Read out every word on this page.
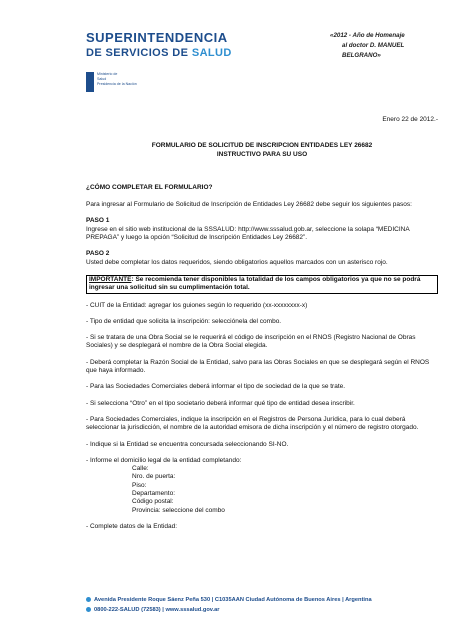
SUPERINTENDENCIA
DE SERVICIOS DE SALUD
Ministerio de
Salud
Presidencia de la Nación
«2012 - Año de Homenaje
al doctor D. MANUEL BELGRANO»
Enero 22 de 2012.-
FORMULARIO DE SOLICITUD DE INSCRIPCION ENTIDADES LEY 26682
INSTRUCTIVO PARA SU USO
¿CÓMO COMPLETAR EL FORMULARIO?

Para ingresar al Formulario de Solicitud de Inscripción de Entidades Ley 26682 debe seguir los siguientes pasos:

PASO 1

Ingrese en el sitio web institucional de la SSSALUD: http://www.sssalud.gob.ar, seleccione la solapa “MEDICINA PREPAGA” y luego la opción “Solicitud de Inscripción Entidades Ley 26682”.

PASO 2

Usted debe completar los datos requeridos, siendo obligatorios aquellos marcados con un asterisco rojo.

IMPORTANTE: Se recomienda tener disponibles la totalidad de los campos obligatorios ya que no se podrá ingresar una solicitud sin su cumplimentación total.

- CUIT de la Entidad: agregar los guiones según lo requerido (xx-xxxxxxxx-x)

- Tipo de entidad que solicita la inscripción: selecciónela del combo.

- Si se tratara de una Obra Social se le requerirá el código de inscripción en el RNOS (Registro Nacional de Obras Sociales) y se desplegará el nombre de la Obra Social elegida.

- Deberá completar la Razón Social de la Entidad, salvo para las Obras Sociales en que se desplegará según el RNOS que haya informado.

- Para las Sociedades Comerciales deberá informar el tipo de sociedad de la que se trate.

- Si selecciona “Otro” en el tipo societario deberá informar qué tipo de entidad desea inscribir.

- Para Sociedades Comerciales, indique la inscripción en el Registros de Persona Jurídica, para lo cual deberá seleccionar la jurisdicción, el nombre de la autoridad emisora de dicha inscripción y el número de registro otorgado.

- Indique si la Entidad se encuentra concursada seleccionando SI-NO.

- Informe el domicilio legal de la entidad completando:
Calle:
Nro. de puerta:
Piso:
Departamento:
Código postal:
Provincia: seleccione del combo

- Complete datos de la Entidad:

Avenida Presidente Roque Sáenz Peña 530 | C1035AAN Ciudad Autónoma de Buenos Aires | Argentina
0800-222-SALUD (72583) | www.sssalud.gov.ar
